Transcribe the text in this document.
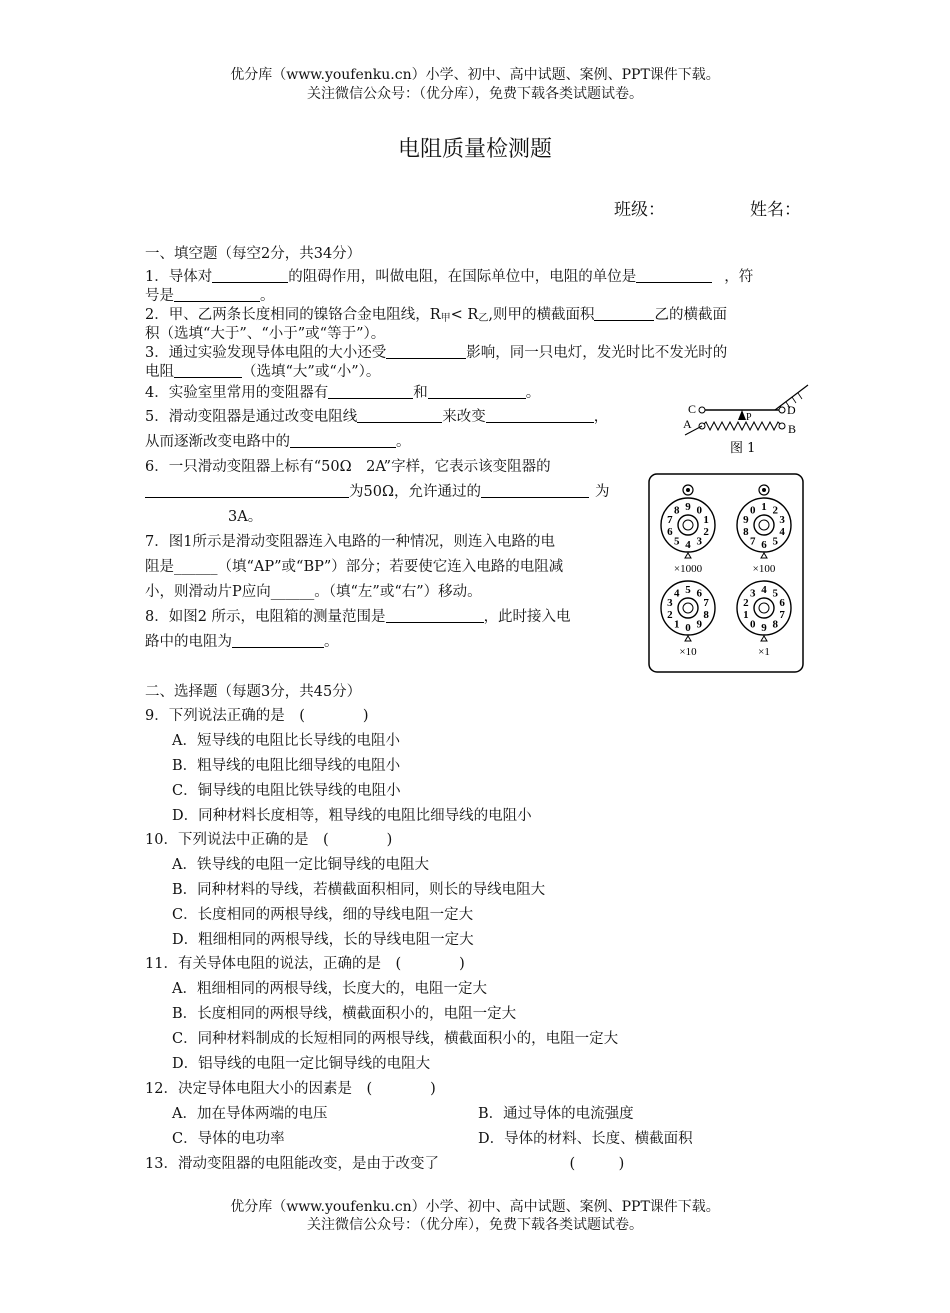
优分库（www.youfenku.cn）小学、初中、高中试题、案例、PPT课件下载。
关注微信公众号：（优分库），免费下载各类试题试卷。
电阻质量检测题
班级：	姓名：
一、填空题（每空2分，共34分）
1．导体对	的阻碍作用，叫做电阻，在国际单位中，电阻的单位是	，符
号是	。
2．甲、乙两条长度相同的镍铬合金电阻线，$R_甲< R_乙$,则甲的横截面积	乙的横截面
积（选填“大于”、“小于”或“等于”）。
3．通过实验发现导体电阻的大小还受	影响，同一只电灯，发光时比不发光时的
电阻	（选填“大”或“小”）。
4．实验室里常用的变阻器有	和	。
5．滑动变阻器是通过改变电阻线	来改变	，
从而逐渐改变电路中的	。
6．一只滑动变阻器上标有“50Ω　2A”字样，它表示该变阻器的
为50Ω，允许通过的	为
3A。
7．图1所示是滑动变阻器连入电路的一种情况，则连入电路的电
阻是______（填“AP”或“BP”）部分；若要使它连入电路的电阻减
小，则滑动片P应向______。（填“左”或“右”）移动。
8．如图2 所示，电阻箱的测量范围是	，此时接入电
路中的电阻为	。
C	D
A	B
P
图 1
0
1
2
3
4
5
6
7
8 9
×1000
0 1 2
3
4
5
6
7
8
9
×100
0
1
2
3
4 5 6
7
8
9
×10
0
1
2
3 4 5
6
7
8
9
×1
二、选择题（每题3分，共45分）
9．下列说法正确的是　(　　　　)
A．短导线的电阻比长导线的电阻小
B．粗导线的电阻比细导线的电阻小
C．铜导线的电阻比铁导线的电阻小
D．同种材料长度相等，粗导线的电阻比细导线的电阻小
10．下列说法中正确的是　(　　　　)
A．铁导线的电阻一定比铜导线的电阻大
B．同种材料的导线，若横截面积相同，则长的导线电阻大
C．长度相同的两根导线，细的导线电阻一定大
D．粗细相同的两根导线，长的导线电阻一定大
11．有关导体电阻的说法，正确的是　(　　　　)
A．粗细相同的两根导线，长度大的，电阻一定大
B．长度相同的两根导线，横截面积小的，电阻一定大
C．同种材料制成的长短相同的两根导线，横截面积小的，电阻一定大
D．铝导线的电阻一定比铜导线的电阻大
12．决定导体电阻大小的因素是　(　　　　)
A．加在导体两端的电压	B．通过导体的电流强度
C．导体的电功率	D．导体的材料、长度、横截面积
13．滑动变阻器的电阻能改变，是由于改变了　　　　　　　　　(　　　)
优分库（www.youfenku.cn）小学、初中、高中试题、案例、PPT课件下载。
关注微信公众号：（优分库），免费下载各类试题试卷。
